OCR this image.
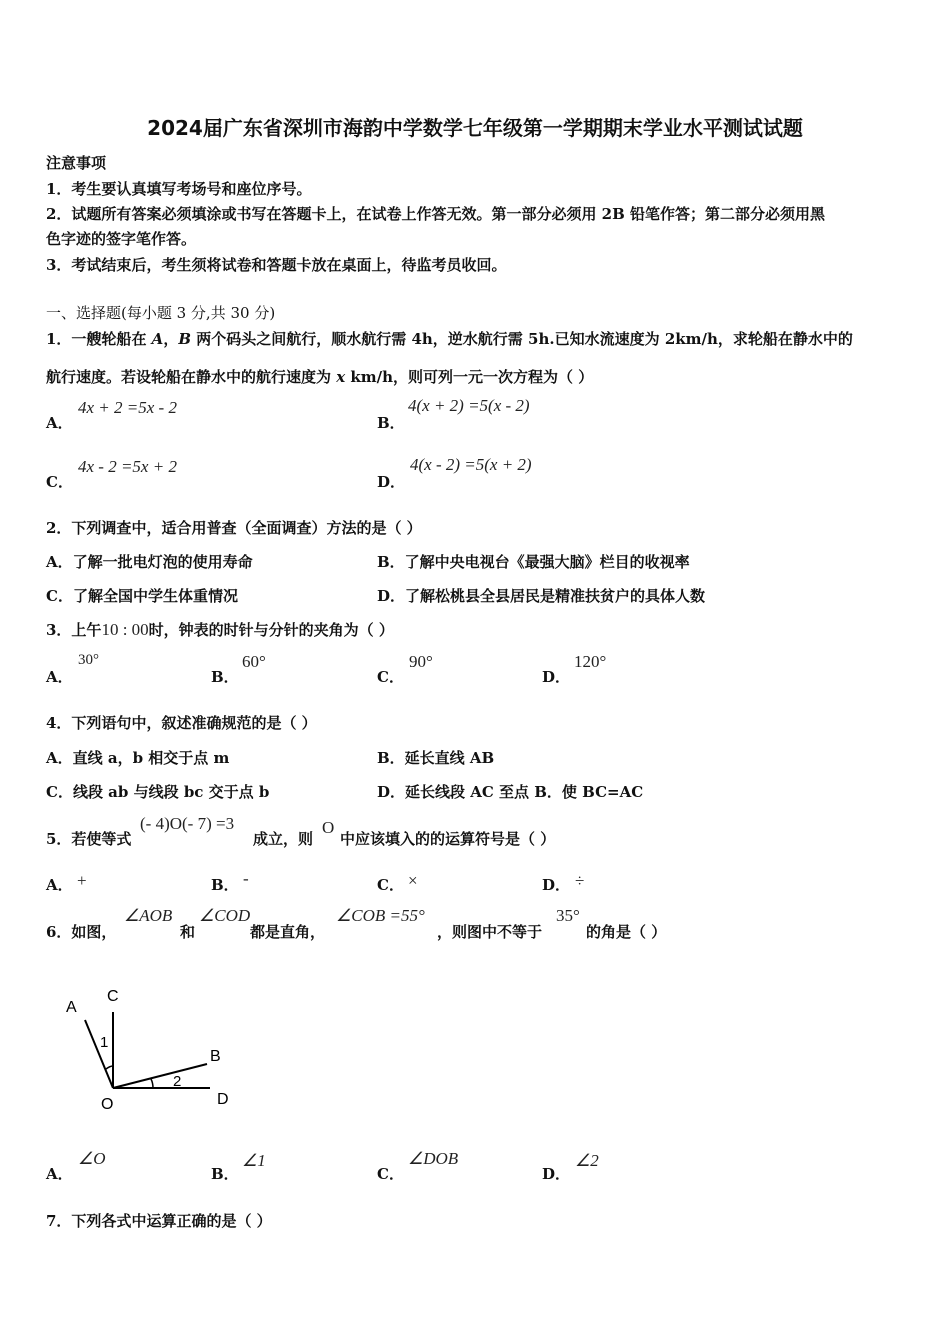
2024届广东省深圳市海韵中学数学七年级第一学期期末学业水平测试试题
注意事项
1．考生要认真填写考场号和座位序号。
2．试题所有答案必须填涂或书写在答题卡上，在试卷上作答无效。第一部分必须用 2B 铅笔作答；第二部分必须用黑
色字迹的签字笔作答。
3．考试结束后，考生须将试卷和答题卡放在桌面上，待监考员收回。
一、选择题(每小题 3 分,共 30 分)
1．一艘轮船在 A，B 两个码头之间航行，顺水航行需 4h，逆水航行需 5h.已知水流速度为 2km/h，求轮船在静水中的
航行速度。若设轮船在静水中的航行速度为 x km/h，则可列一元一次方程为（ ）
A．
4x + 2 =5x - 2
B．
4(x + 2) =5(x - 2)
C．
4x - 2 =5x + 2
D．
4(x - 2) =5(x + 2)
2．下列调查中，适合用普查（全面调查）方法的是（ ）
A．了解一批电灯泡的使用寿命	B．了解中央电视台《最强大脑》栏目的收视率
C．了解全国中学生体重情况	D．了解松桃县全县居民是精准扶贫户的具体人数
3．上午10 : 00时，钟表的时针与分针的夹角为（ ）
A．
30°
B．
60°
C．
90°
D．
120°
4．下列语句中，叙述准确规范的是（ ）
A．直线 a，b 相交于点 m	B．延长直线 AB
C．线段 ab 与线段 bc 交于点 b	D．延长线段 AC 至点 B．使 BC=AC
5．若使等式
(- 4)O(- 7) =3
成立，则
O
中应该填入的的运算符号是（ ）
A． +	B． -	C． ×	D． ÷
6．如图，
∠AOB
和
∠COD
都是直角，
∠COB =55°
，则图中不等于
35°
的角是（ ）
A
C
B
O	D
1
2
A．
∠O
B．
∠1
C．
∠DOB
D．
∠2
7．下列各式中运算正确的是（ ）
